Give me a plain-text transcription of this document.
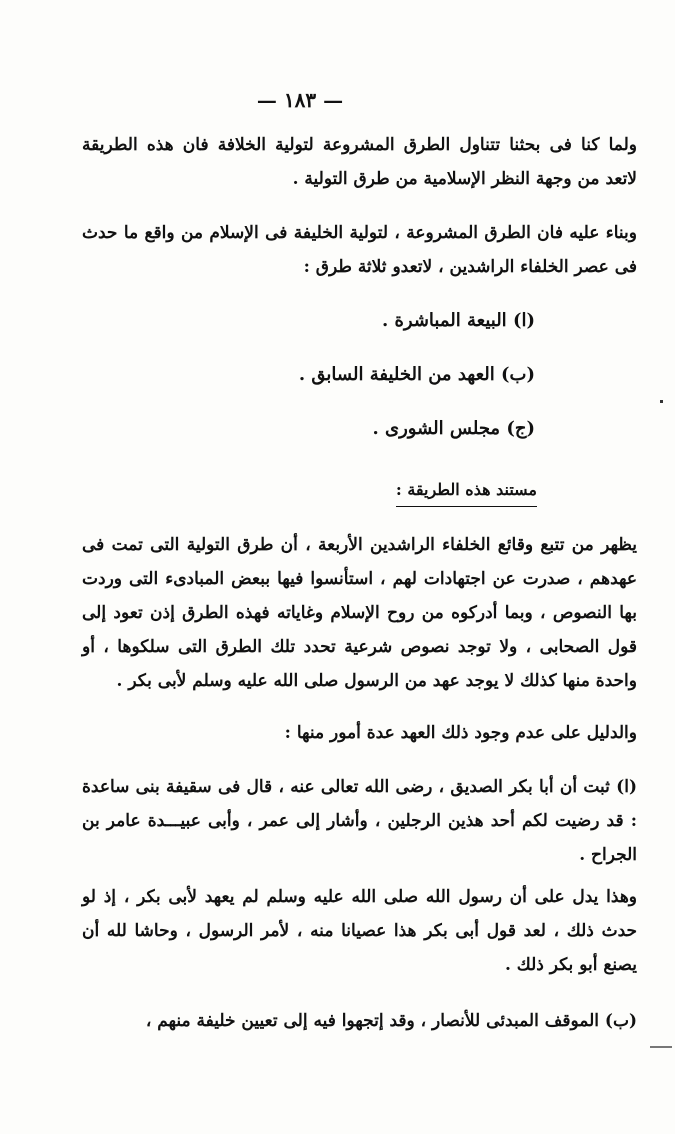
— ١٨٣ —

ولما كنا فى بحثنا تتناول الطرق المشروعة لتولية الخلافة فان هذه الطريقة لاتعد من وجهة النظر الإسلامية من طرق التولية .

وبناء عليه فان الطرق المشروعة ، لتولية الخليفة فى الإسلام من واقع ما حدث فى عصر الخلفاء الراشدين ، لاتعدو ثلاثة طرق :

(ا) البيعة المباشرة .
(ب) العهد من الخليفة السابق .
(ج) مجلس الشورى .
مستند هذه الطريقة :

يظهر من تتبع وقائع الخلفاء الراشدين الأربعة ، أن طرق التولية التى تمت فى عهدهم ، صدرت عن اجتهادات لهم ، استأنسوا فيها ببعض المبادىء التى وردت بها النصوص ، وبما أدركوه من روح الإسلام وغاياته فهذه الطرق إذن تعود إلى قول الصحابى ، ولا توجد نصوص شرعية تحدد تلك الطرق التى سلكوها ، أو واحدة منها كذلك لا يوجد عهد من الرسول صلى الله عليه وسلم لأبى بكر .

والدليل على عدم وجود ذلك العهد عدة أمور منها :

(ا) ثبت أن أبا بكر الصديق ، رضى الله تعالى عنه ، قال فى سقيفة بنى ساعدة : قد رضيت لكم أحد هذين الرجلين ، وأشار إلى عمر ، وأبى عبيـــدة عامر بن الجراح .

وهذا يدل على أن رسول الله صلى الله عليه وسلم لم يعهد لأبى بكر ، إذ لو حدث ذلك ، لعد قول أبى بكر هذا عصيانا منه ، لأمر الرسول ، وحاشا لله أن يصنع أبو بكر ذلك .

(ب) الموقف المبدئى للأنصار ، وقد إتجهوا فيه إلى تعيين خليفة منهم ،
